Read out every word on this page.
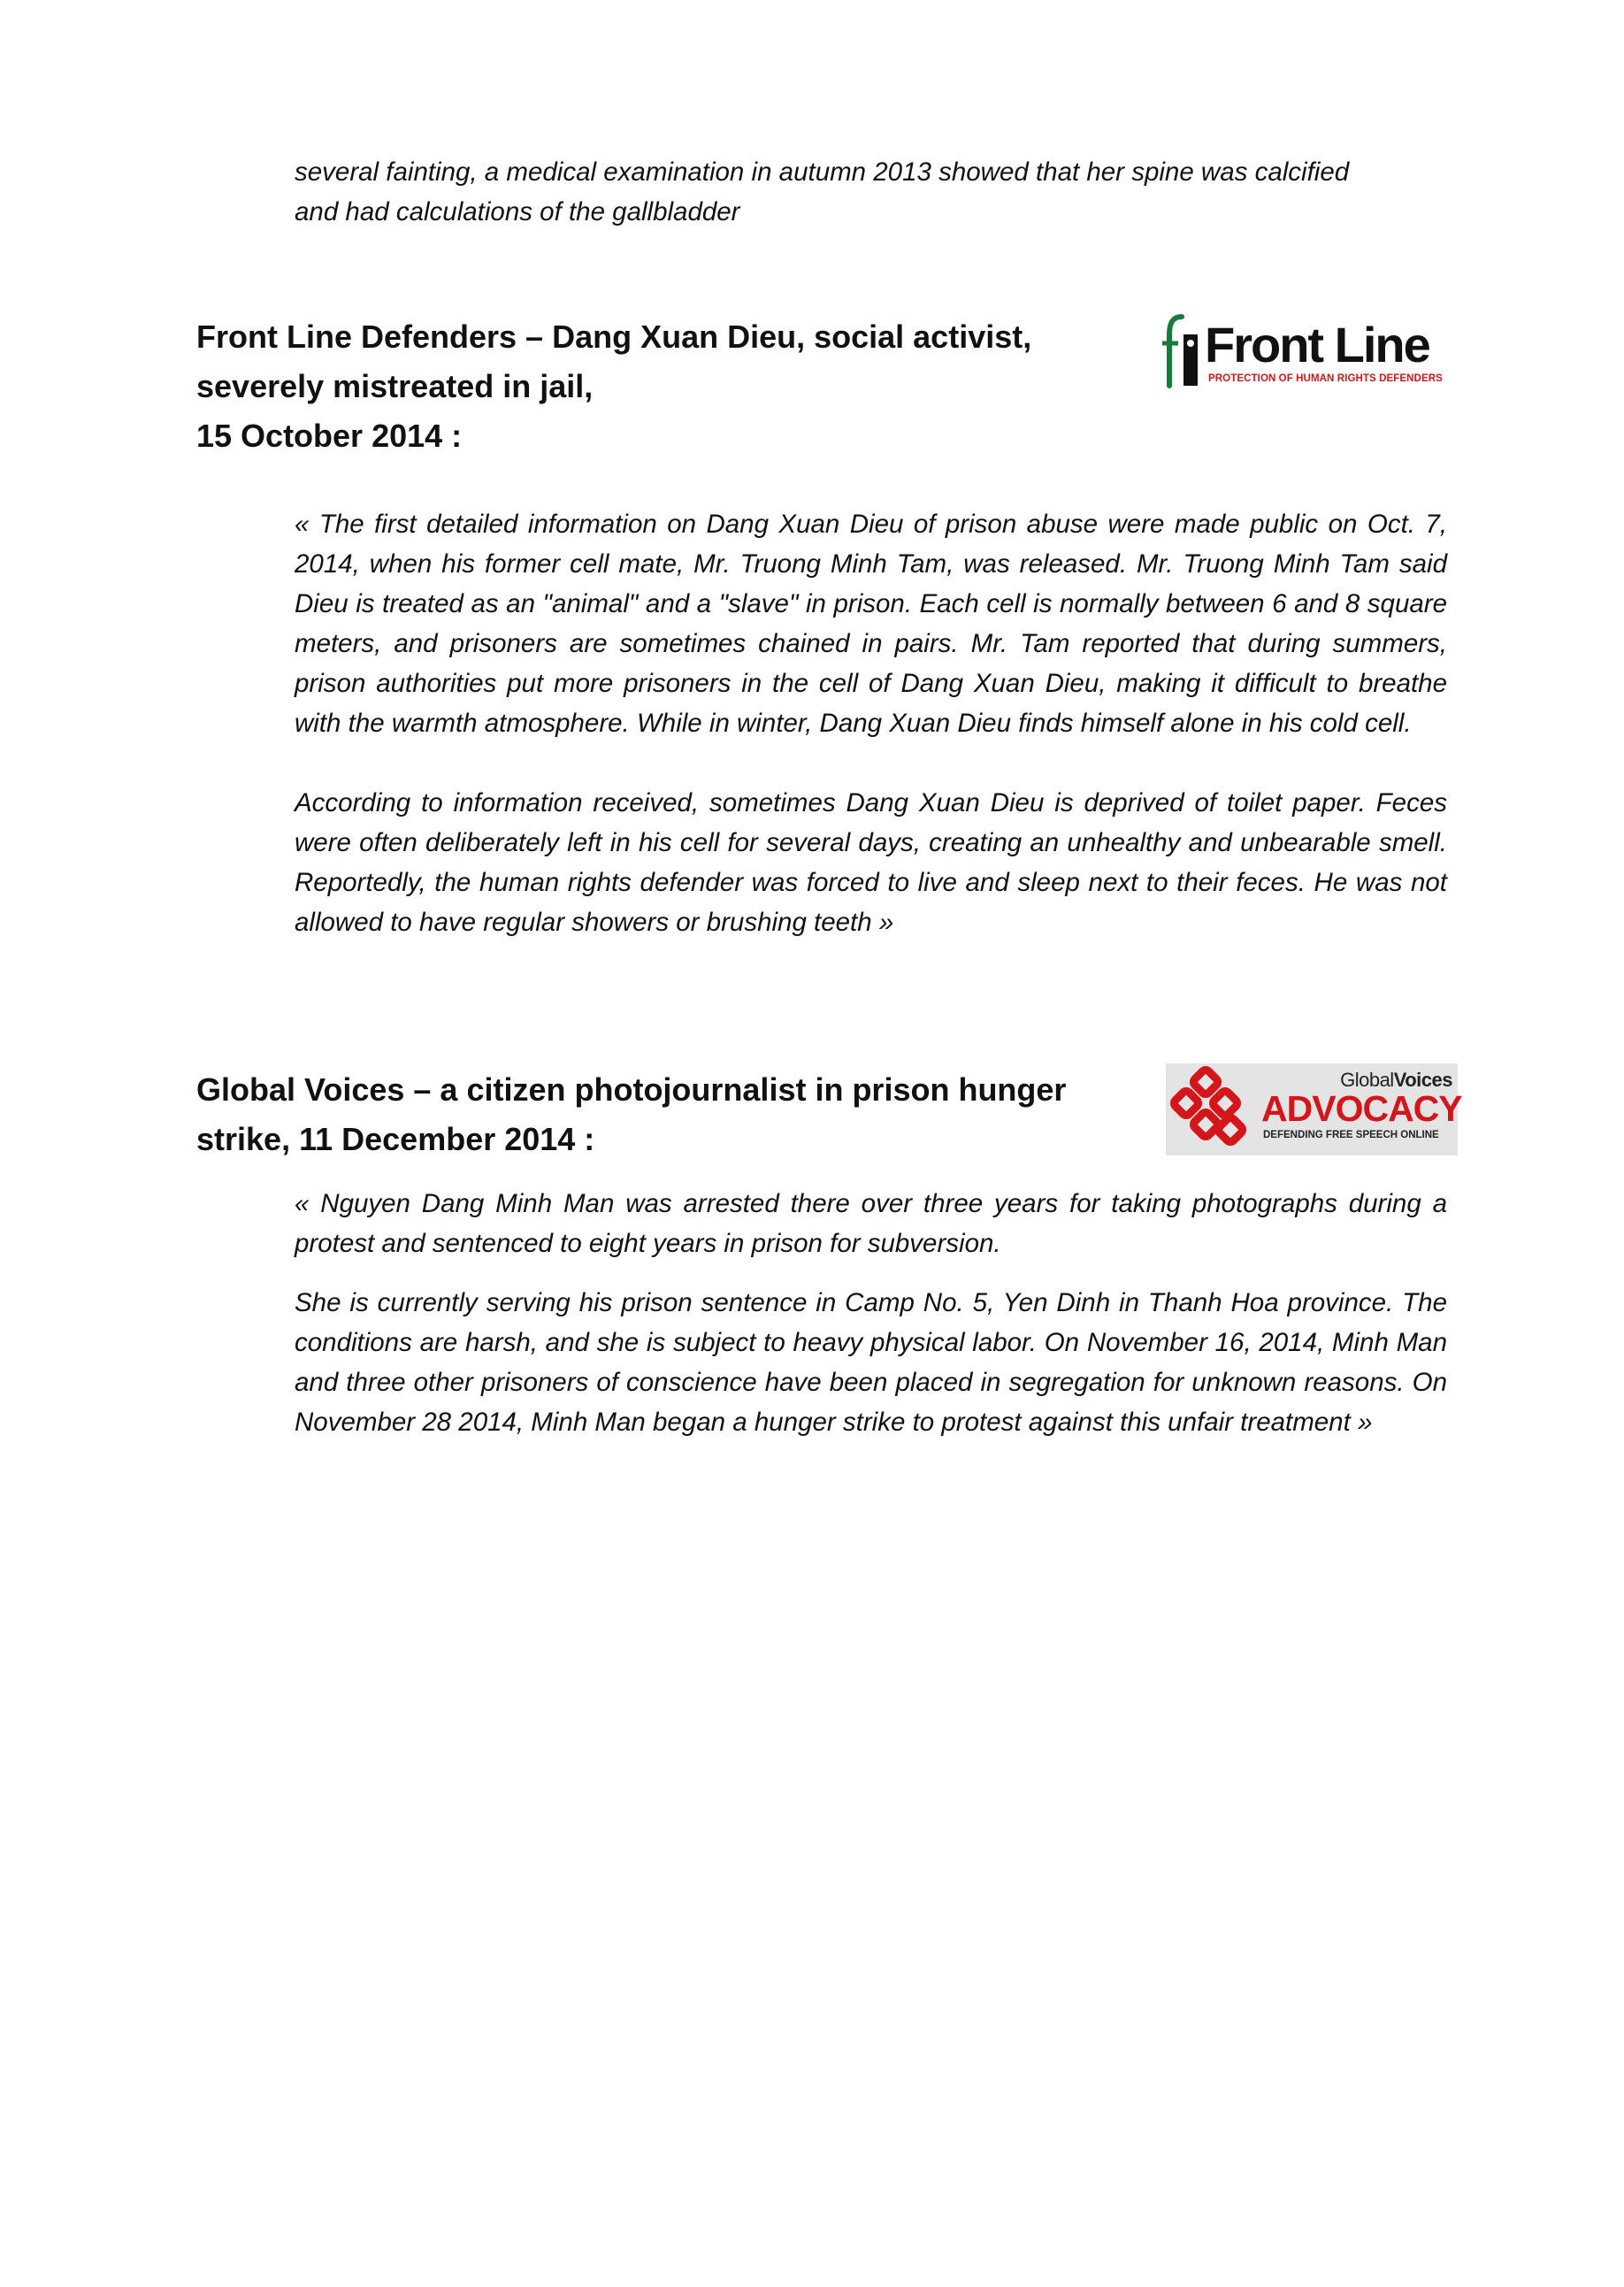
several fainting, a medical examination in autumn 2013 showed that her spine was calcified

and had calculations of the gallbladder

Front Line Defenders – Dang Xuan Dieu, social activist,
severely mistreated in jail,
15 October 2014 :
Front Line
PROTECTION OF HUMAN RIGHTS DEFENDERS

« The first detailed information on Dang Xuan Dieu of prison abuse were made public on Oct. 7, 2014, when his former cell mate, Mr. Truong Minh Tam, was released. Mr. Truong Minh Tam said Dieu is treated as an "animal" and a "slave" in prison. Each cell is normally between 6 and 8 square meters, and prisoners are sometimes chained in pairs. Mr. Tam reported that during summers, prison authorities put more prisoners in the cell of Dang Xuan Dieu, making it difficult to breathe with the warmth atmosphere. While in winter, Dang Xuan Dieu finds himself alone in his cold cell.

According to information received, sometimes Dang Xuan Dieu is deprived of toilet paper. Feces were often deliberately left in his cell for several days, creating an unhealthy and unbearable smell. Reportedly, the human rights defender was forced to live and sleep next to their feces. He was not allowed to have regular showers or brushing teeth »

Global Voices – a citizen photojournalist in prison hunger
strike, 11 December 2014 :
GlobalVoices
ADVOCACY
DEFENDING FREE SPEECH ONLINE

« Nguyen Dang Minh Man was arrested there over three years for taking photographs during a protest and sentenced to eight years in prison for subversion.

She is currently serving his prison sentence in Camp No. 5, Yen Dinh in Thanh Hoa province. The conditions are harsh, and she is subject to heavy physical labor. On November 16, 2014, Minh Man and three other prisoners of conscience have been placed in segregation for unknown reasons. On November 28 2014, Minh Man began a hunger strike to protest against this unfair treatment »
